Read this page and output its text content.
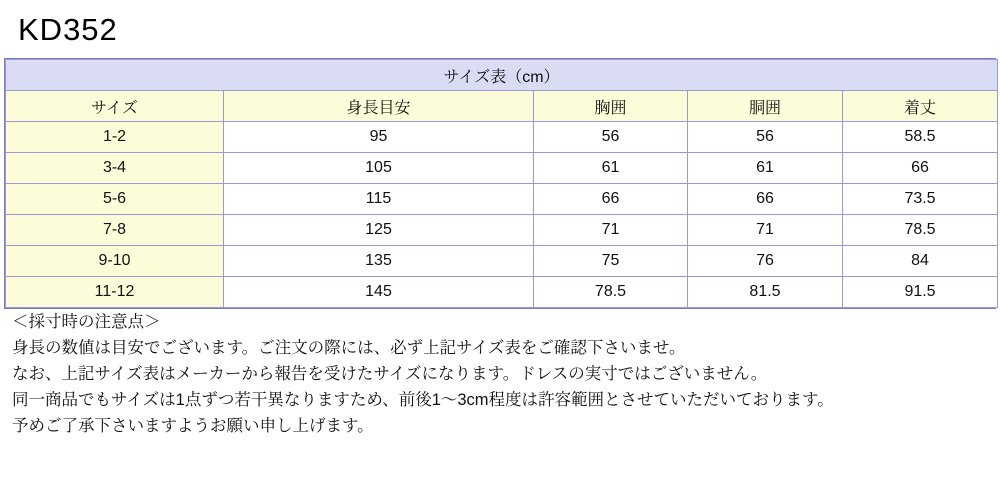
KD352
サイズ表（cm）				
サイズ	身長目安	胸囲	胴囲	着丈
1-2	95	56	56	58.5
3-4	105	61	61	66
5-6	115	66	66	73.5
7-8	125	71	71	78.5
9-10	135	75	76	84
11-12	145	78.5	81.5	91.5

＜採寸時の注意点＞

身長の数値は目安でございます。ご注文の際には、必ず上記サイズ表をご確認下さいませ。

なお、上記サイズ表はメーカーから報告を受けたサイズになります。ドレスの実寸ではございません。

同一商品でもサイズは1点ずつ若干異なりますため、前後1～3cm程度は許容範囲とさせていただいております。

予めご了承下さいますようお願い申し上げます。
